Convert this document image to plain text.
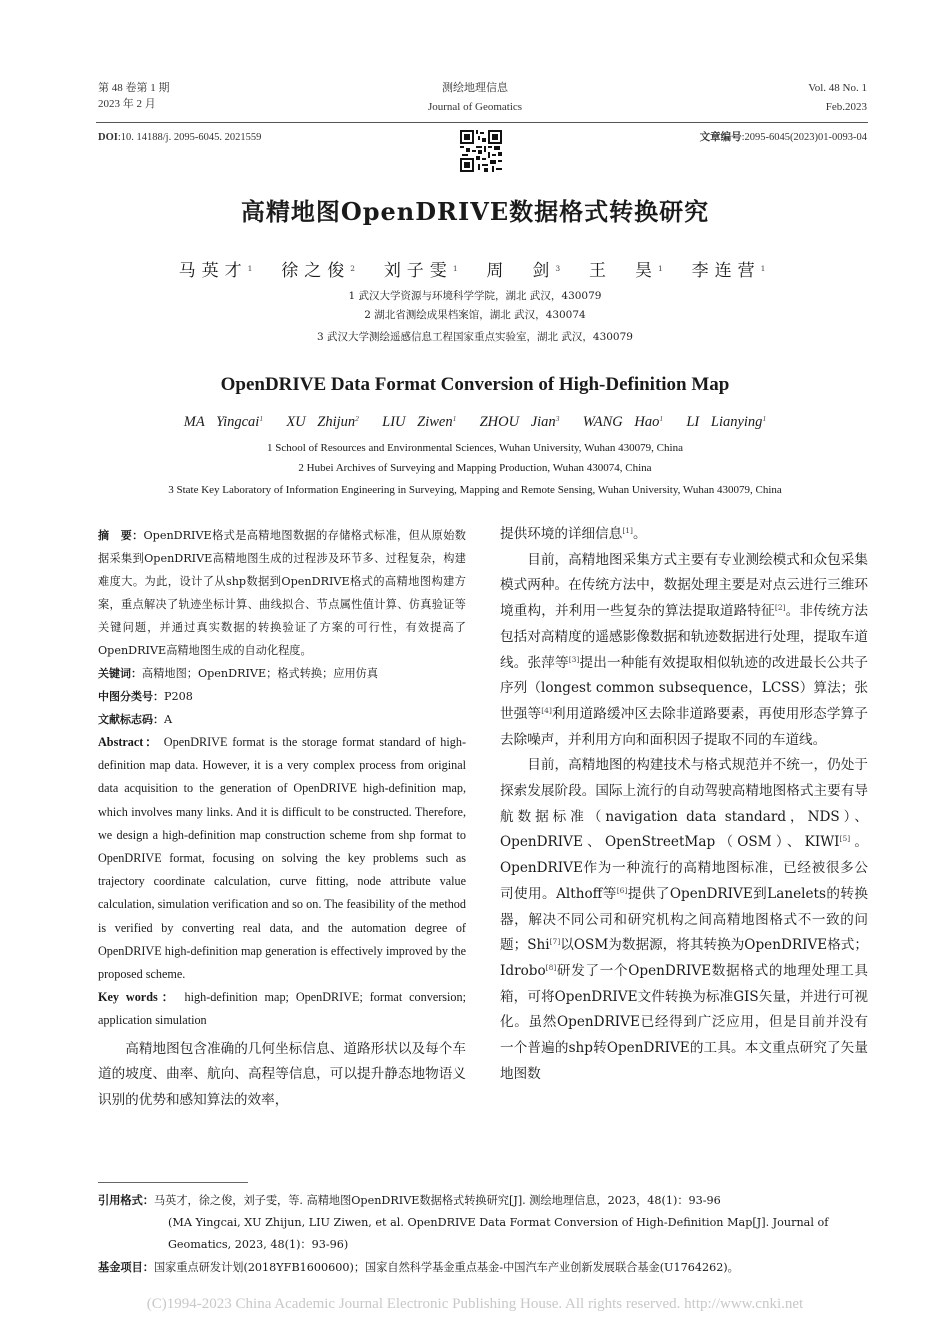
第 48 卷第 1 期
2023 年 2 月
测绘地理信息
Journal of Geomatics
Vol. 48 No. 1
Feb.2023
DOI:10. 14188/j. 2095-6045. 2021559	文章编号:2095-6045(2023)01-0093-04
高精地图OpenDRIVE数据格式转换研究
马英才$^1$ 徐之俊$^2$ 刘子雯$^1$ 周　剑$^3$ 王　昊$^1$ 李连营$^1$
1 武汉大学资源与环境科学学院，湖北 武汉，430079
2 湖北省测绘成果档案馆，湖北 武汉，430074
3 武汉大学测绘遥感信息工程国家重点实验室，湖北 武汉，430079
OpenDRIVE Data Format Conversion of High-Definition Map
MA Yingcai$^1$ XU Zhijun$^2$ LIU Ziwen$^1$ ZHOU Jian$^3$ WANG Hao$^1$ LI Lianying$^1$
1 School of Resources and Environmental Sciences, Wuhan University, Wuhan 430079, China
2 Hubei Archives of Surveying and Mapping Production, Wuhan 430074, China
3 State Key Laboratory of Information Engineering in Surveying, Mapping and Remote Sensing, Wuhan University, Wuhan 430079, China

摘　要：OpenDRIVE格式是高精地图数据的存储格式标准，但从原始数据采集到OpenDRIVE高精地图生成的过程涉及环节多、过程复杂，构建难度大。为此，设计了从shp数据到OpenDRIVE格式的高精地图构建方案，重点解决了轨迹坐标计算、曲线拟合、节点属性值计算、仿真验证等关键问题，并通过真实数据的转换验证了方案的可行性，有效提高了OpenDRIVE高精地图生成的自动化程度。

关键词：高精地图；OpenDRIVE；格式转换；应用仿真

中图分类号：P208

文献标志码：A

Abstract： OpenDRIVE format is the storage format standard of high-definition map data. However, it is a very complex process from original data acquisition to the generation of OpenDRIVE high-definition map, which involves many links. And it is difficult to be constructed. Therefore, we design a high-definition map construction scheme from shp format to OpenDRIVE format, focusing on solving the key problems such as trajectory coordinate calculation, curve fitting, node attribute value calculation, simulation verification and so on. The feasibility of the method is verified by converting real data, and the automation degree of OpenDRIVE high-definition map generation is effectively improved by the proposed scheme.

Key words： high-definition map; OpenDRIVE; format conversion; application simulation

高精地图包含准确的几何坐标信息、道路形状以及每个车道的坡度、曲率、航向、高程等信息，可以提升静态地物语义识别的优势和感知算法的效率，

提供环境的详细信息[1]。

目前，高精地图采集方式主要有专业测绘模式和众包采集模式两种。在传统方法中，数据处理主要是对点云进行三维环境重构，并利用一些复杂的算法提取道路特征[2]。非传统方法包括对高精度的遥感影像数据和轨迹数据进行处理，提取车道线。张萍等[3]提出一种能有效提取相似轨迹的改进最长公共子序列（longest common subsequence，LCSS）算法；张世强等[4]利用道路缓冲区去除非道路要素，再使用形态学算子去除噪声，并利用方向和面积因子提取不同的车道线。

目前，高精地图的构建技术与格式规范并不统一，仍处于探索发展阶段。国际上流行的自动驾驶高精地图格式主要有导航数据标准（navigation data standard，NDS）、OpenDRIVE、OpenStreetMap（OSM）、KIWI[5]。OpenDRIVE作为一种流行的高精地图标准，已经被很多公司使用。Althoff等[6]提供了OpenDRIVE到Lanelets的转换器，解决不同公司和研究机构之间高精地图格式不一致的问题；Shi[7]以OSM为数据源，将其转换为OpenDRIVE格式；Idrobo[8]研发了一个OpenDRIVE数据格式的地理处理工具箱，可将OpenDRIVE文件转换为标准GIS矢量，并进行可视化。虽然OpenDRIVE已经得到广泛应用，但是目前并没有一个普遍的shp转OpenDRIVE的工具。本文重点研究了矢量地图数

引用格式：马英才，徐之俊，刘子雯，等. 高精地图OpenDRIVE数据格式转换研究[J]. 测绘地理信息，2023，48(1)：93-96
(MA Yingcai, XU Zhijun, LIU Ziwen, et al. OpenDRIVE Data Format Conversion of High-Definition Map[J]. Journal of Geomatics, 2023, 48(1)：93-96)
基金项目：国家重点研发计划(2018YFB1600600)；国家自然科学基金重点基金-中国汽车产业创新发展联合基金(U1764262)。
(C)1994-2023 China Academic Journal Electronic Publishing House. All rights reserved. http://www.cnki.net
